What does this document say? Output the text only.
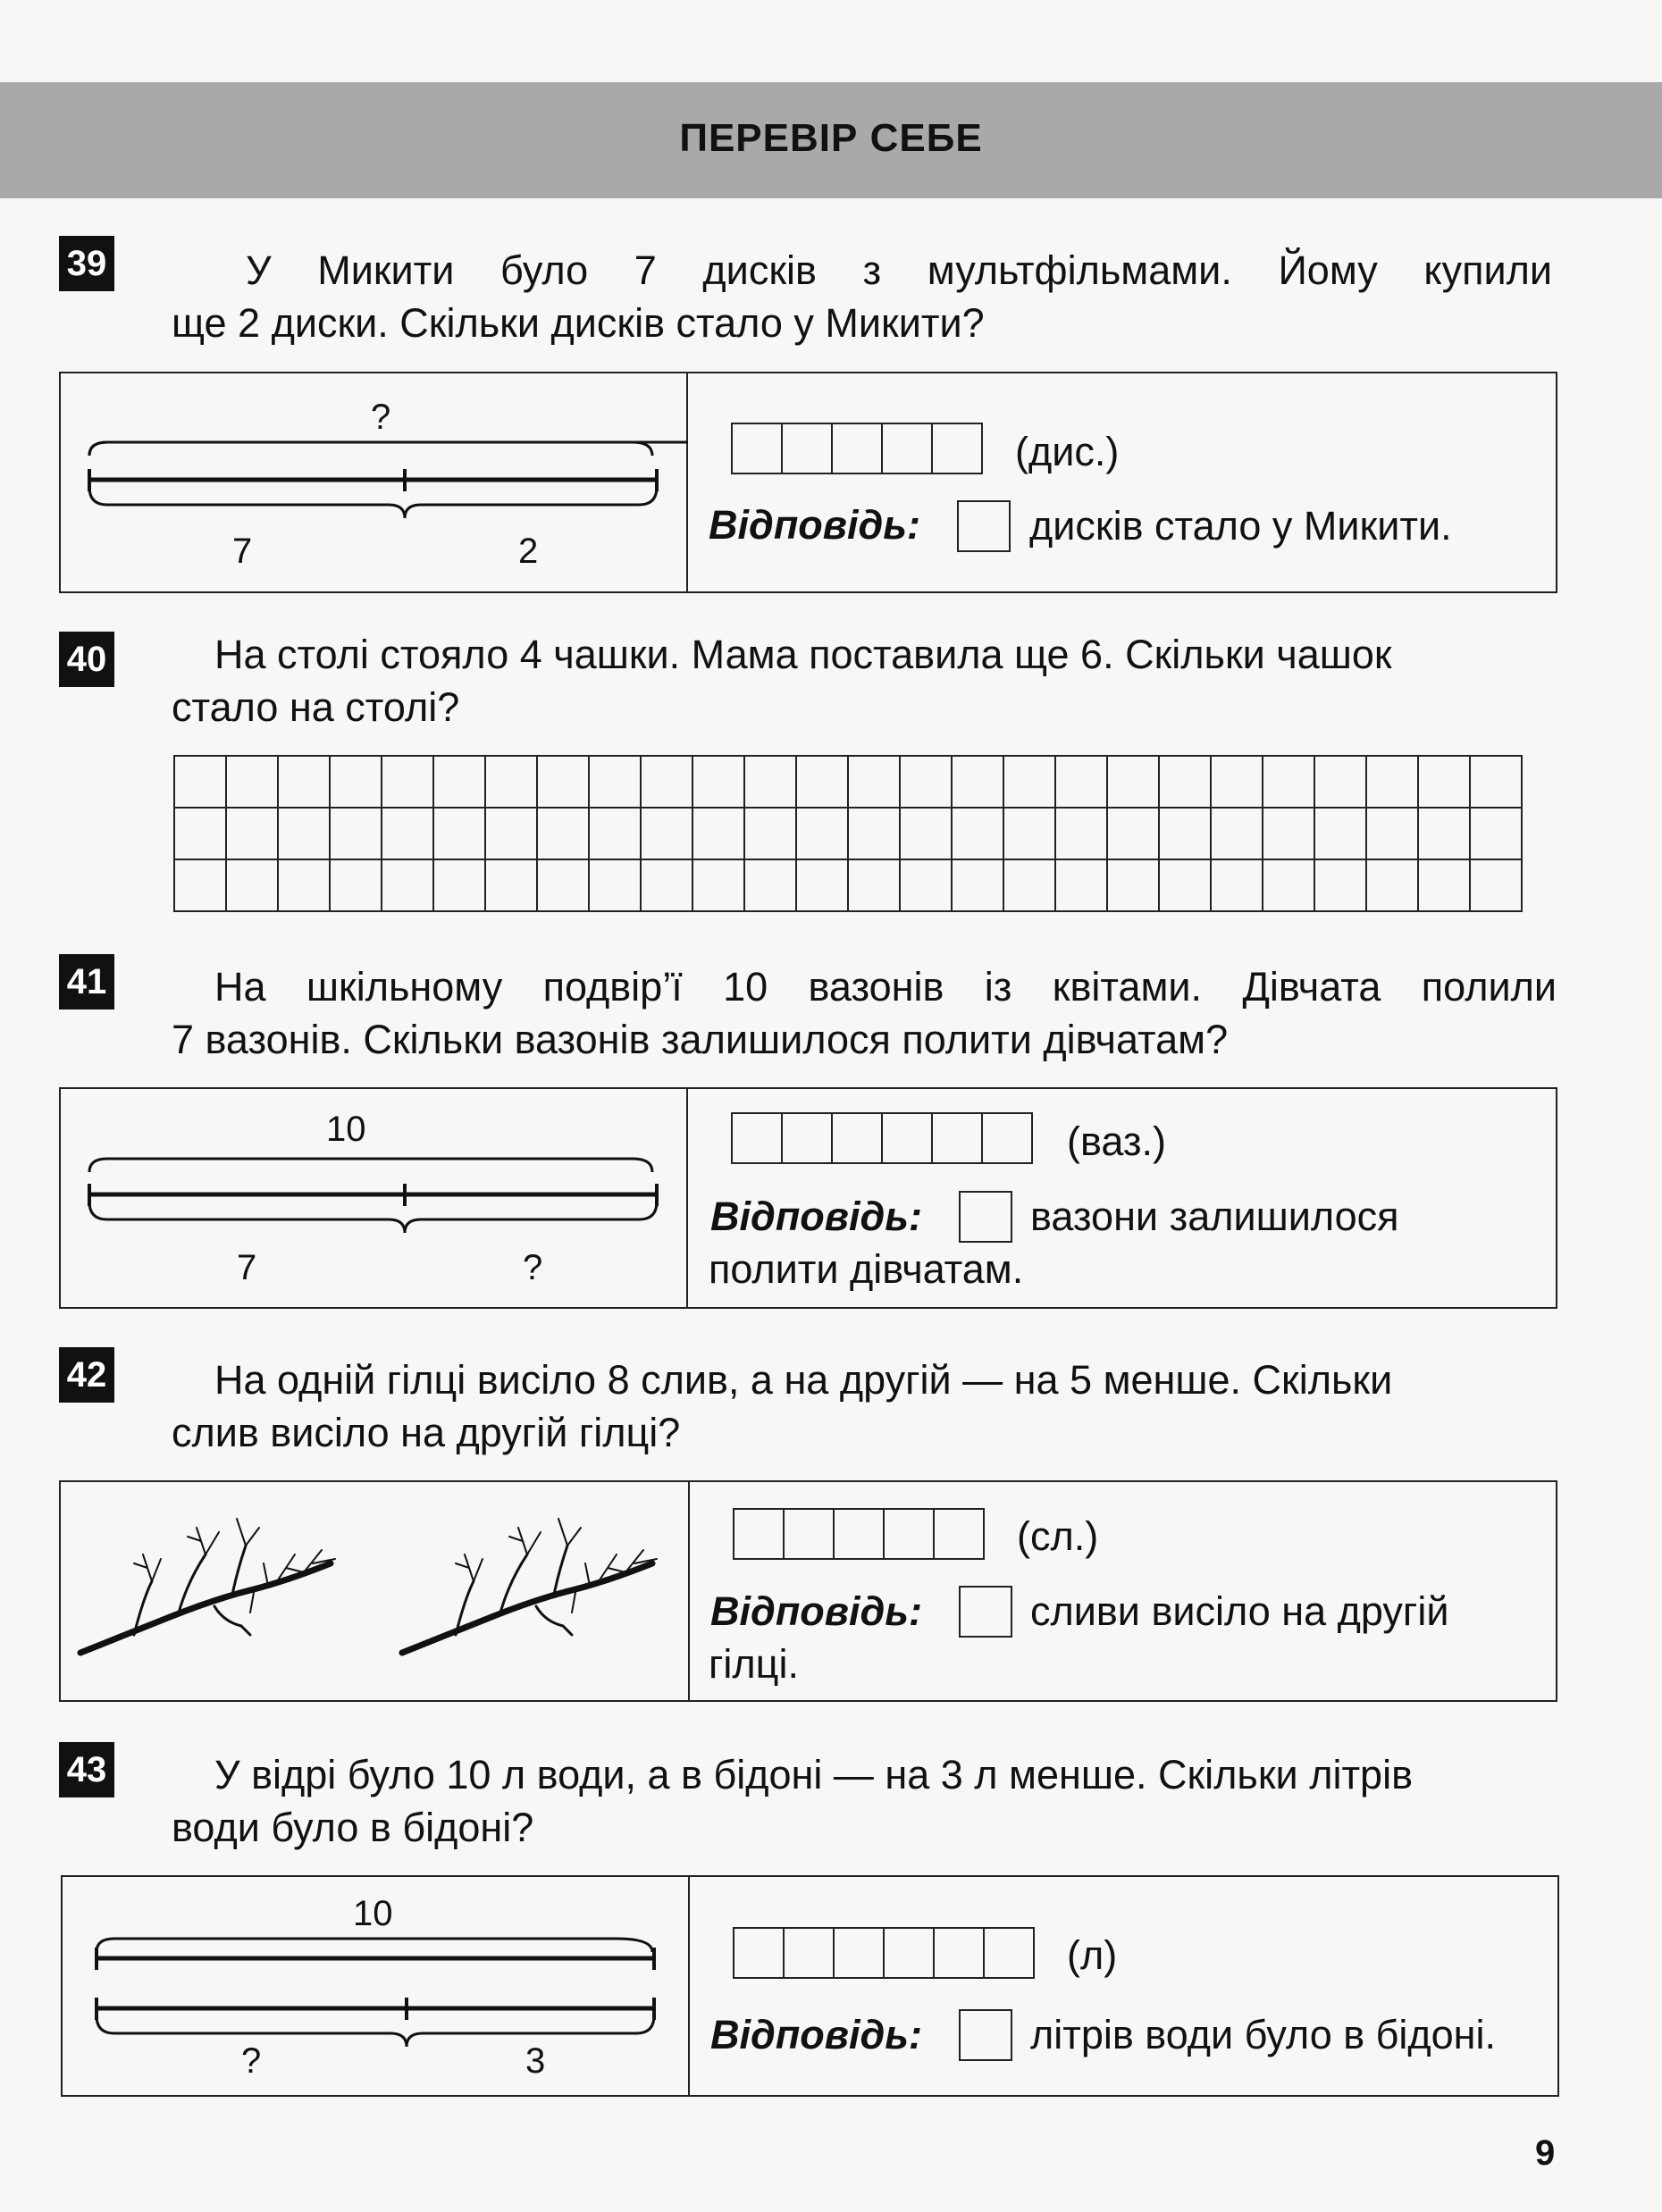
ПЕРЕВІР СЕБЕ
39	У Микити було 7 дисків з мультфільмами. Йому купили
ще 2 диски. Скільки дисків стало у Микити?
?
7	2
(дис.)
Відповідь:	дисків стало у Микити.
40	На столі стояло 4 чашки. Мама поставила ще 6. Скільки чашок
стало на столі?

41	На шкільному подвір’ї 10 вазонів із квітами. Дівчата полили
7 вазонів. Скільки вазонів залишилося полити дівчатам?
10
7	?
(ваз.)
Відповідь:	вазони залишилося
полити дівчатам.
42	На одній гілці висіло 8 слив, а на другій — на 5 менше. Скільки
слив висіло на другій гілці?
(сл.)
Відповідь:	сливи висіло на другій
гілці.
43	У відрі було 10 л води, а в бідоні — на 3 л менше. Скільки літрів
води було в бідоні?
10
?	3
(л)
Відповідь:	літрів води було в бідоні.
9
